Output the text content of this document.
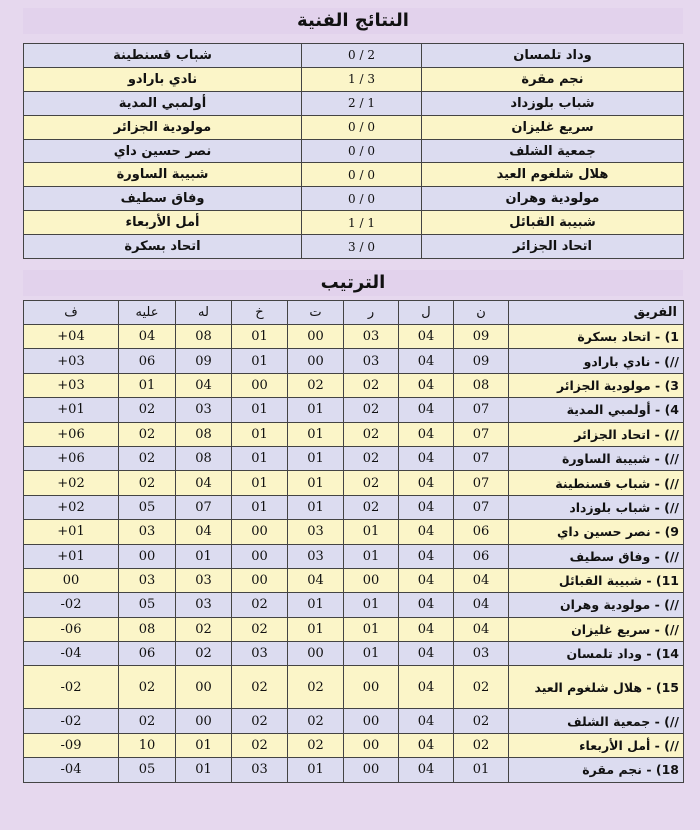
النتائج الفنية
وداد تلمسان	2 / 0	شباب قسنطينة
نجم مقرة	3 / 1	نادي بارادو
شباب بلوزداد	1 / 2	أولمبي المدية
سريع غليزان	0 / 0	مولودية الجزائر
جمعية الشلف	0 / 0	نصر حسين داي
هلال شلغوم العيد	0 / 0	شبيبة الساورة
مولودية وهران	0 / 0	وفاق سطيف
شبيبة القبائل	1 / 1	أمل الأربعاء
اتحاد الجزائر	0 / 3	اتحاد بسكرة
الترتيب
الفريق	ن	ل	ر	ت	خ	له	عليه	ف
1) - اتحاد بسكرة	09	04	03	00	01	08	04	04+
//) - نادي بارادو	09	04	03	00	01	09	06	03+
3) - مولودية الجزائر	08	04	02	02	00	04	01	03+
4) - أولمبي المدية	07	04	02	01	01	03	02	01+
//) - اتحاد الجزائر	07	04	02	01	01	08	02	06+
//) - شبيبة الساورة	07	04	02	01	01	08	02	06+
//) - شباب قسنطينة	07	04	02	01	01	04	02	02+
//) - شباب بلوزداد	07	04	02	01	01	07	05	02+
9) - نصر حسين داي	06	04	01	03	00	04	03	01+
//) - وفاق سطيف	06	04	01	03	00	01	00	01+
11) - شبيبة القبائل	04	04	00	04	00	03	03	00
//) - مولودية وهران	04	04	01	01	02	03	05	02-
//) - سريع غليزان	04	04	01	01	02	02	08	06-
14) - وداد تلمسان	03	04	01	00	03	02	06	04-
15) - هلال شلغوم العيد	02	04	00	02	02	00	02	02-
//) - جمعية الشلف	02	04	00	02	02	00	02	02-
//) - أمل الأربعاء	02	04	00	02	02	01	10	09-
18) - نجم مقرة	01	04	00	01	03	01	05	04-
